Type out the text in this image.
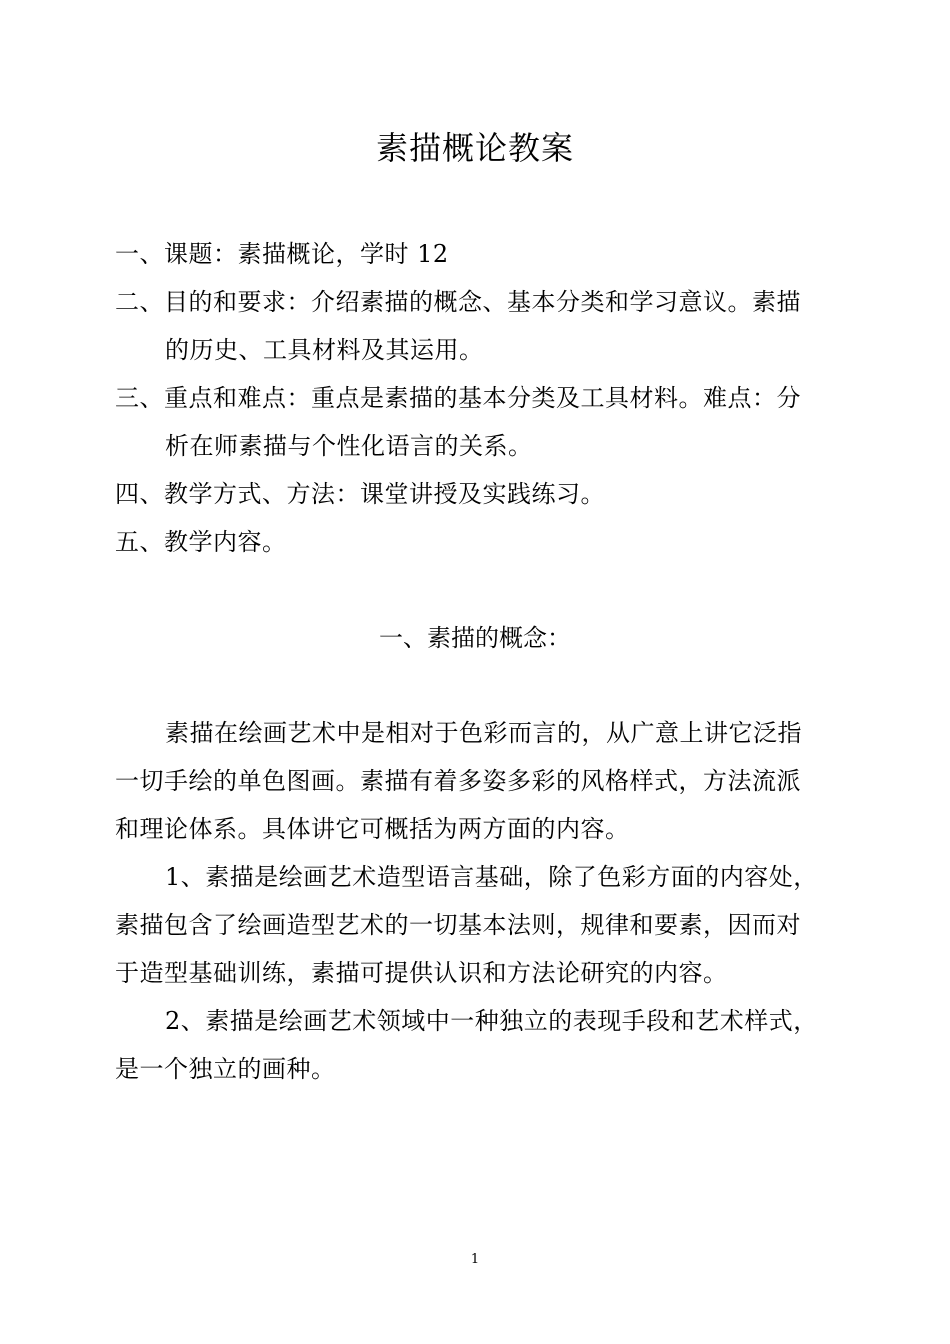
素描概论教案
一、课题：素描概论，学时 12
二、目的和要求：介绍素描的概念、基本分类和学习意议。素描
的历史、工具材料及其运用。
三、重点和难点：重点是素描的基本分类及工具材料。难点：分
析在师素描与个性化语言的关系。
四、教学方式、方法：课堂讲授及实践练习。
五、教学内容。
一、素描的概念：
素描在绘画艺术中是相对于色彩而言的，从广意上讲它泛指
一切手绘的单色图画。素描有着多姿多彩的风格样式，方法流派
和理论体系。具体讲它可概括为两方面的内容。
1、素描是绘画艺术造型语言基础，除了色彩方面的内容处，
素描包含了绘画造型艺术的一切基本法则，规律和要素，因而对
于造型基础训练，素描可提供认识和方法论研究的内容。
2、素描是绘画艺术领域中一种独立的表现手段和艺术样式，
是一个独立的画种。
1
